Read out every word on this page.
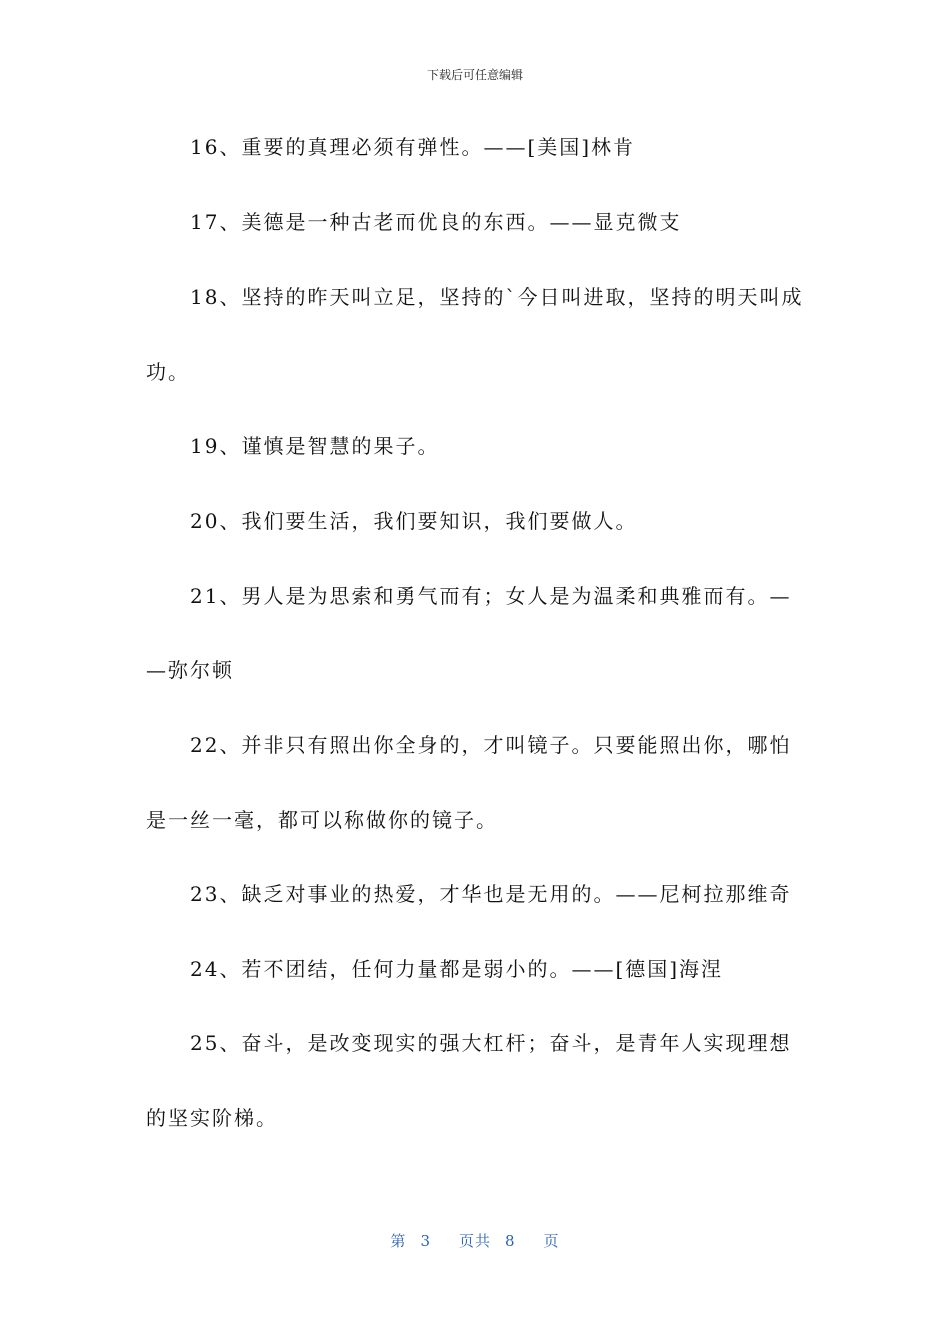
下载后可任意编辑
16、重要的真理必须有弹性。——[美国]林肯
17、美德是一种古老而优良的东西。——显克微支
18、坚持的昨天叫立足，坚持的`今日叫进取，坚持的明天叫成
功。
19、谨慎是智慧的果子。
20、我们要生活，我们要知识，我们要做人。
21、男人是为思索和勇气而有；女人是为温柔和典雅而有。—
—弥尔顿
22、并非只有照出你全身的，才叫镜子。只要能照出你，哪怕
是一丝一毫，都可以称做你的镜子。
23、缺乏对事业的热爱，才华也是无用的。——尼柯拉那维奇
24、若不团结，任何力量都是弱小的。——[德国]海涅
25、奋斗，是改变现实的强大杠杆；奋斗，是青年人实现理想
的坚实阶梯。
第 3 页共 8 页
